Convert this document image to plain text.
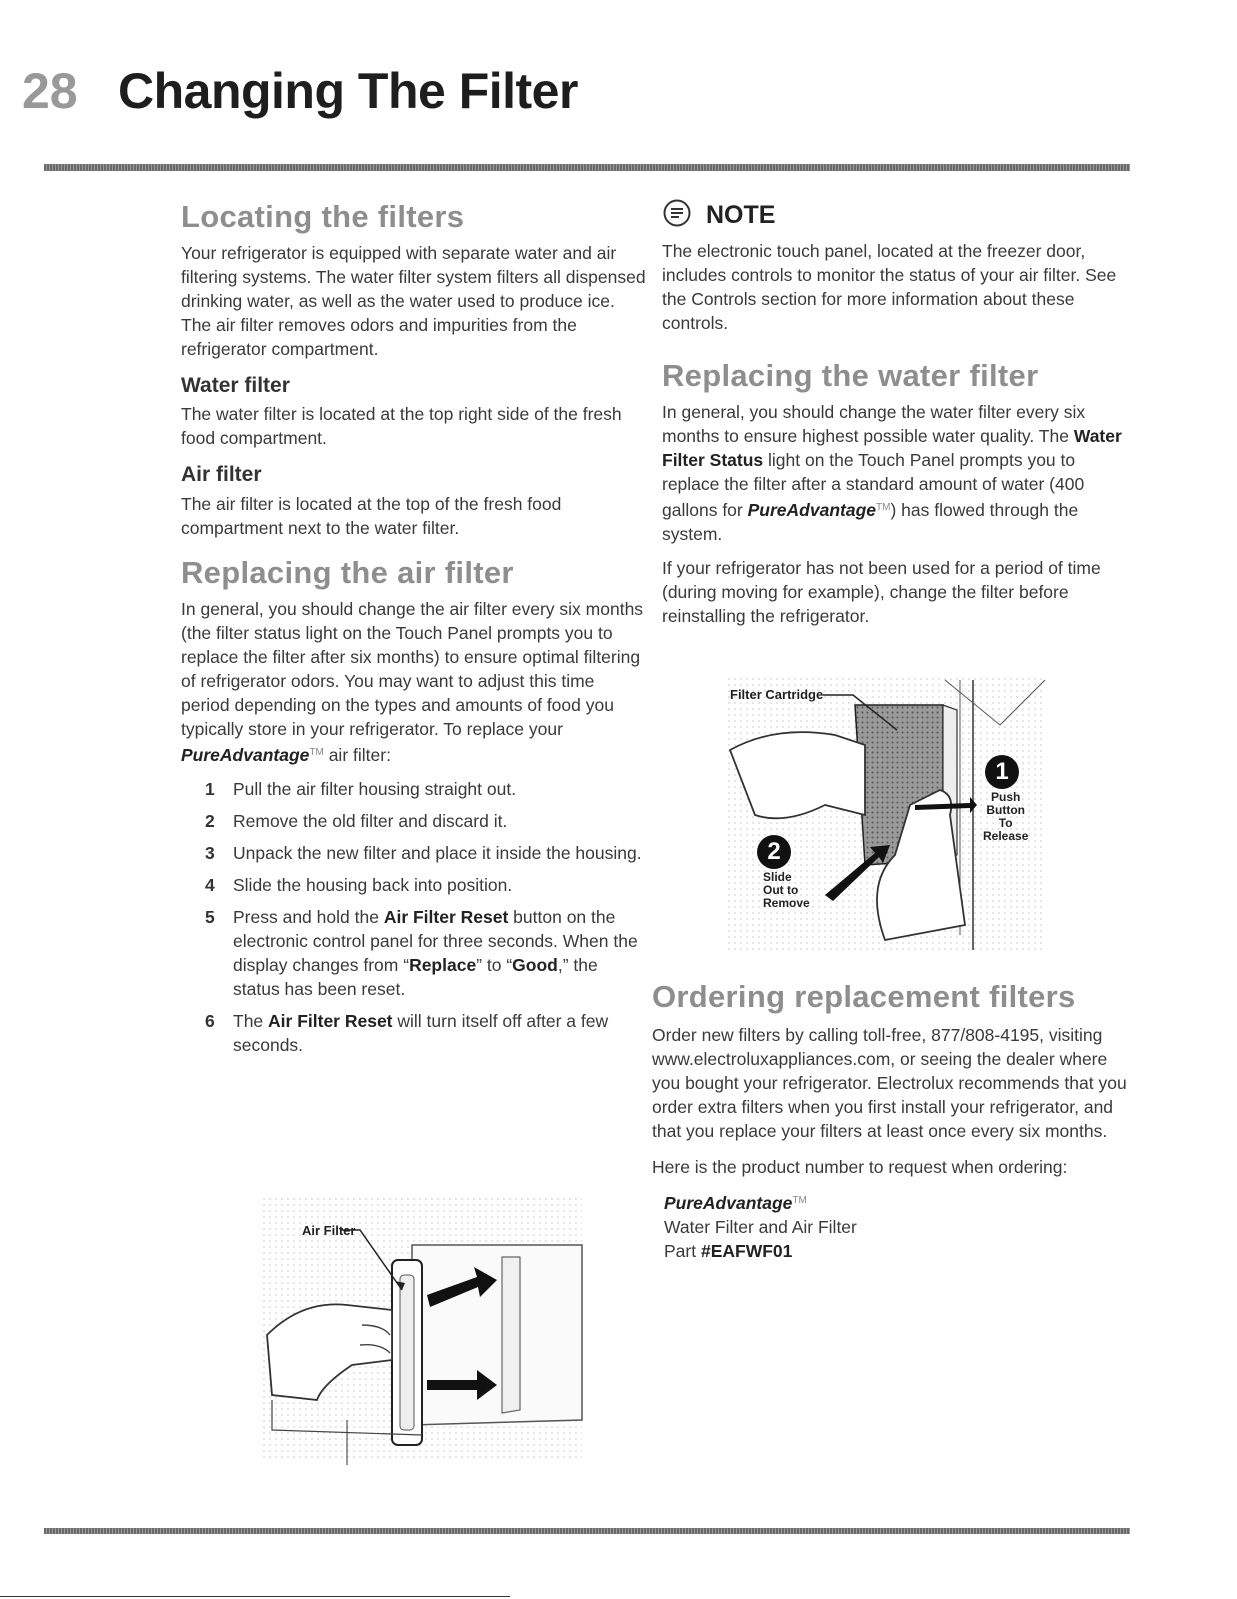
28 Changing The Filter
Locating the filters

Your refrigerator is equipped with separate water and air filtering systems. The water filter system filters all dispensed drinking water, as well as the water used to produce ice. The air filter removes odors and impurities from the refrigerator compartment.

Water filter

The water filter is located at the top right side of the fresh food compartment.

Air filter

The air filter is located at the top of the fresh food compartment next to the water filter.

Replacing the air filter

In general, you should change the air filter every six months (the filter status light on the Touch Panel prompts you to replace the filter after six months) to ensure optimal filtering of refrigerator odors. You may want to adjust this time period depending on the types and amounts of food you typically store in your refrigerator. To replace your PureAdvantage™ air filter:

1	Pull the air filter housing straight out.
2	Remove the old filter and discard it.
3	Unpack the new filter and place it inside the housing.
4	Slide the housing back into position.
5	Press and hold the Air Filter Reset button on the electronic control panel for three seconds. When the display changes from “Replace” to “Good,” the status has been reset.
6	The Air Filter Reset will turn itself off after a few seconds.
Air Filter
NOTE

The electronic touch panel, located at the freezer door, includes controls to monitor the status of your air filter. See the Controls section for more information about these controls.

Replacing the water filter

In general, you should change the water filter every six months to ensure highest possible water quality. The Water Filter Status light on the Touch Panel prompts you to replace the filter after a standard amount of water (400 gallons for PureAdvantage™) has flowed through the system.

If your refrigerator has not been used for a period of time (during moving for example), change the filter before reinstalling the refrigerator.

Filter Cartridge
1
Push
Button
To
Release
2
Slide
Out to
Remove
Ordering replacement filters

Order new filters by calling toll-free, 877/808-4195, visiting www.electroluxappliances.com, or seeing the dealer where you bought your refrigerator. Electrolux recommends that you order extra filters when you first install your refrigerator, and that you replace your filters at least once every six months.

Here is the product number to request when ordering:

PureAdvantage™
Water Filter and Air Filter
Part #EAFWF01
